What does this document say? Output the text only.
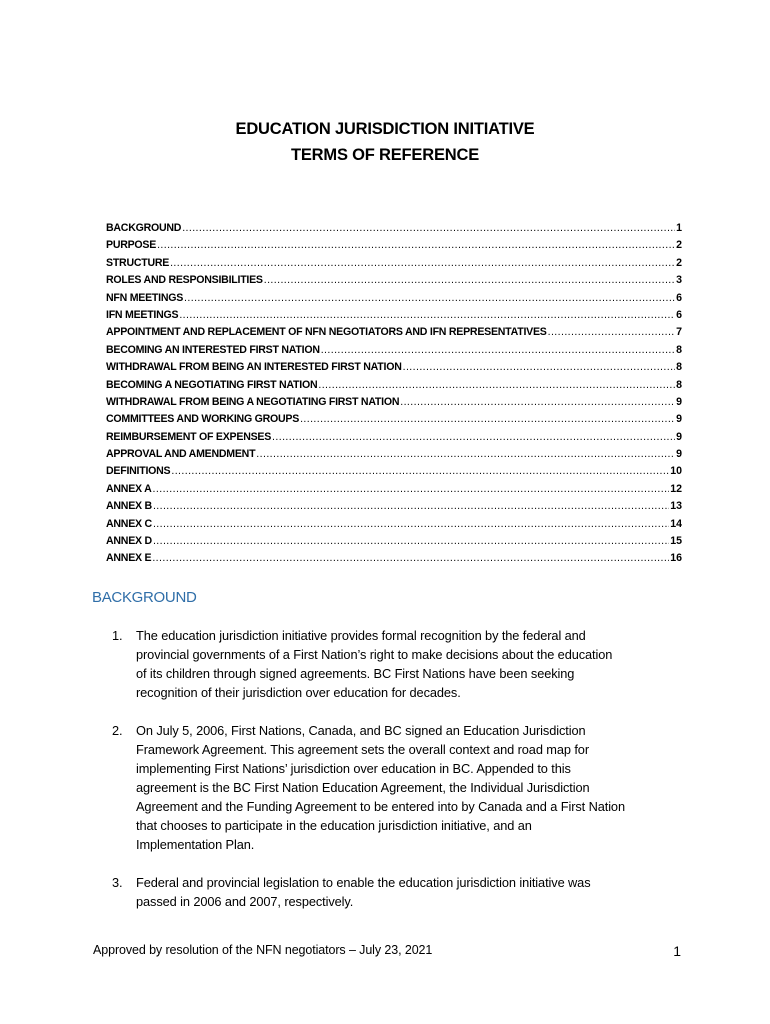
EDUCATION JURISDICTION INITIATIVE
TERMS OF REFERENCE
BACKGROUND .....	1
PURPOSE .....	2
STRUCTURE .....	2
ROLES AND RESPONSIBILITIES .....	3
NFN MEETINGS .....	6
IFN MEETINGS .....	6
APPOINTMENT AND REPLACEMENT OF NFN NEGOTIATORS AND IFN REPRESENTATIVES .....	7
BECOMING AN INTERESTED FIRST NATION .....	8
WITHDRAWAL FROM BEING AN INTERESTED FIRST NATION .....	8
BECOMING A NEGOTIATING FIRST NATION .....	8
WITHDRAWAL FROM BEING A NEGOTIATING FIRST NATION .....	9
COMMITTEES AND WORKING GROUPS .....	9
REIMBURSEMENT OF EXPENSES .....	9
APPROVAL AND AMENDMENT .....	9
DEFINITIONS .....	10
ANNEX A .....	12
ANNEX B .....	13
ANNEX C .....	14
ANNEX D .....	15
ANNEX E .....	16
BACKGROUND
1.	The education jurisdiction initiative provides formal recognition by the federal and
provincial governments of a First Nation’s right to make decisions about the education
of its children through signed agreements. BC First Nations have been seeking
recognition of their jurisdiction over education for decades.
2.	On July 5, 2006, First Nations, Canada, and BC signed an Education Jurisdiction
Framework Agreement. This agreement sets the overall context and road map for
implementing First Nations’ jurisdiction over education in BC. Appended to this
agreement is the BC First Nation Education Agreement, the Individual Jurisdiction
Agreement and the Funding Agreement to be entered into by Canada and a First Nation
that chooses to participate in the education jurisdiction initiative, and an
Implementation Plan.
3.	Federal and provincial legislation to enable the education jurisdiction initiative was
passed in 2006 and 2007, respectively.
Approved by resolution of the NFN negotiators – July 23, 2021	1
